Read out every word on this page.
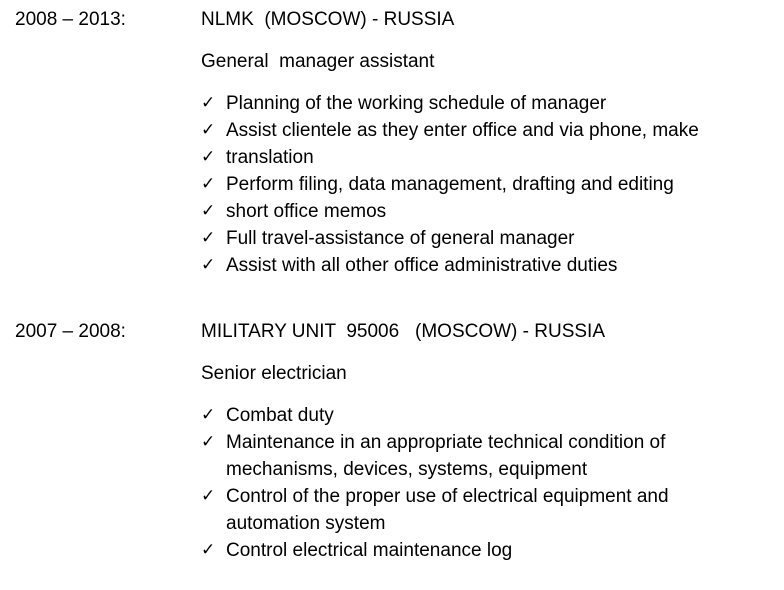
2008 – 2013:	NLMK  (MOSCOW) - RUSSIA
General  manager assistant
✓ Planning of the working schedule of manager
✓ Assist clientele as they enter office and via phone, make
✓ translation
✓ Perform filing, data management, drafting and editing
✓ short office memos
✓ Full travel-assistance of general manager
✓ Assist with all other office administrative duties
2007 – 2008:	MILITARY UNIT  95006   (MOSCOW) - RUSSIA
Senior electrician
✓ Combat duty
✓ Maintenance in an appropriate technical condition of
mechanisms, devices, systems, equipment
✓ Control of the proper use of electrical equipment and
automation system
✓ Control electrical maintenance log
